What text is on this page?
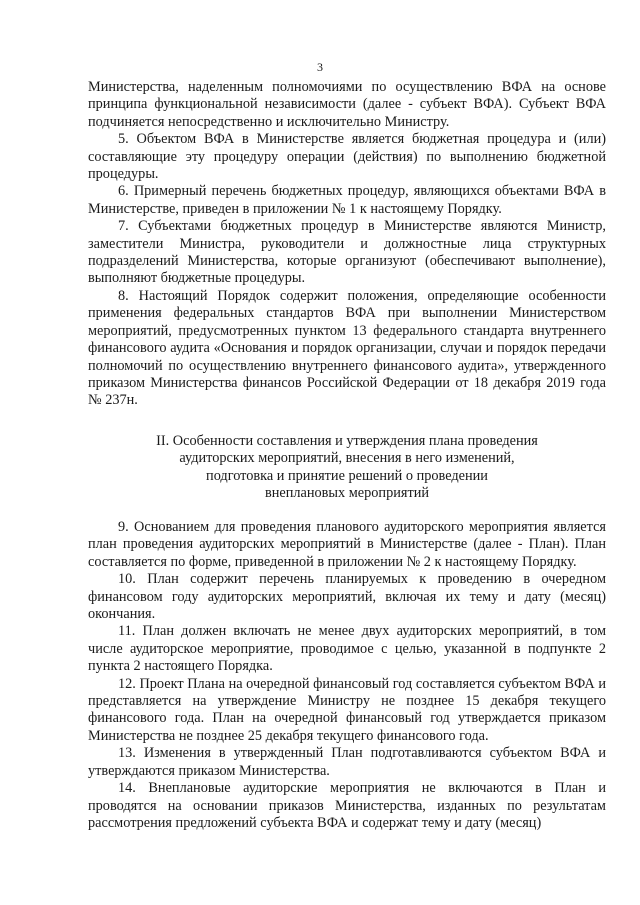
3

Министерства, наделенным полномочиями по осуществлению ВФА на основе принципа функциональной независимости (далее - субъект ВФА). Субъект ВФА подчиняется непосредственно и исключительно Министру.

5. Объектом ВФА в Министерстве является бюджетная процедура и (или) составляющие эту процедуру операции (действия) по выполнению бюджетной процедуры.

6. Примерный перечень бюджетных процедур, являющихся объектами ВФА в Министерстве, приведен в приложении № 1 к настоящему Порядку.

7. Субъектами бюджетных процедур в Министерстве являются Министр, заместители Министра, руководители и должностные лица структурных подразделений Министерства, которые организуют (обеспечивают выполнение), выполняют бюджетные процедуры.

8. Настоящий Порядок содержит положения, определяющие особенности применения федеральных стандартов ВФА при выполнении Министерством мероприятий, предусмотренных пунктом 13 федерального стандарта внутреннего финансового аудита «Основания и порядок организации, случаи и порядок передачи полномочий по осуществлению внутреннего финансового аудита», утвержденного приказом Министерства финансов Российской Федерации от 18 декабря 2019 года № 237н.

II. Особенности составления и утверждения плана проведения
аудиторских мероприятий, внесения в него изменений,
подготовка и принятие решений о проведении
внеплановых мероприятий

9. Основанием для проведения планового аудиторского мероприятия является план проведения аудиторских мероприятий в Министерстве (далее - План). План составляется по форме, приведенной в приложении № 2 к настоящему Порядку.

10. План содержит перечень планируемых к проведению в очередном финансовом году аудиторских мероприятий, включая их тему и дату (месяц) окончания.

11. План должен включать не менее двух аудиторских мероприятий, в том числе аудиторское мероприятие, проводимое с целью, указанной в подпункте 2 пункта 2 настоящего Порядка.

12. Проект Плана на очередной финансовый год составляется субъектом ВФА и представляется на утверждение Министру не позднее 15 декабря текущего финансового года. План на очередной финансовый год утверждается приказом Министерства не позднее 25 декабря текущего финансового года.

13. Изменения в утвержденный План подготавливаются субъектом ВФА и утверждаются приказом Министерства.

14. Внеплановые аудиторские мероприятия не включаются в План и проводятся на основании приказов Министерства, изданных по результатам рассмотрения предложений субъекта ВФА и содержат тему и дату (месяц)
